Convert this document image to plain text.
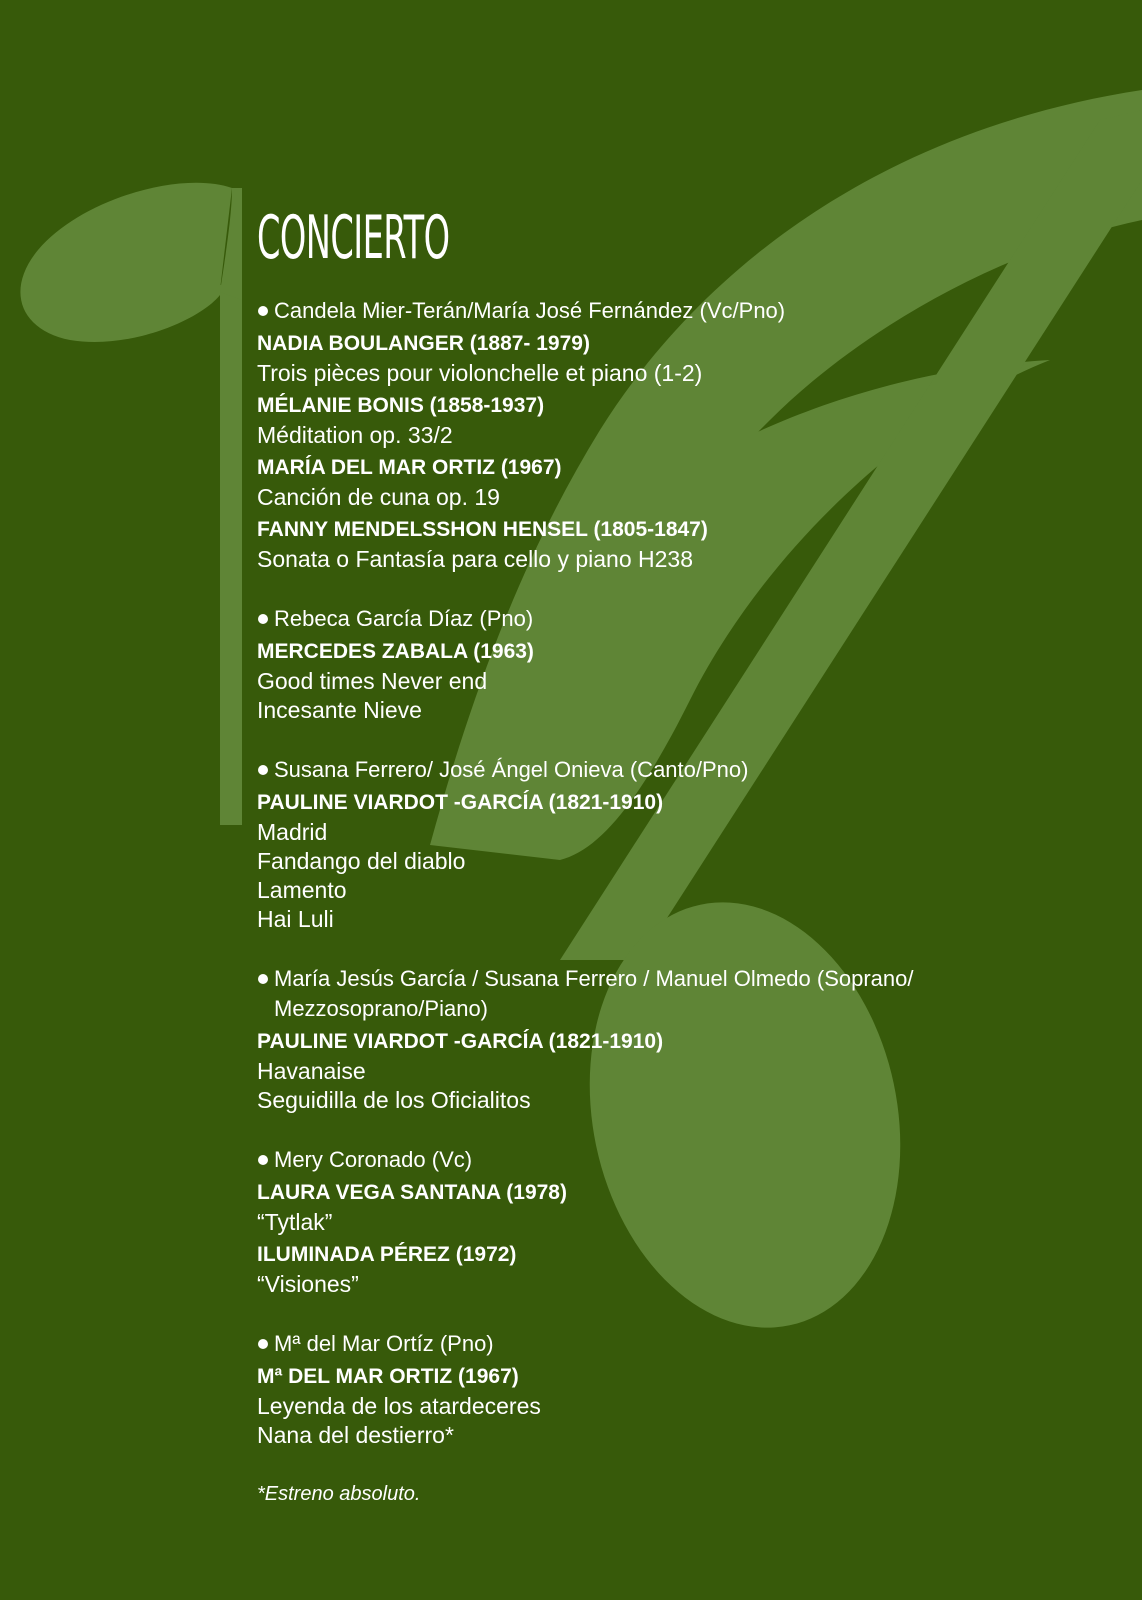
CONCIERTO
Candela Mier-Terán/María José Fernández (Vc/Pno)
NADIA BOULANGER (1887- 1979)
Trois pièces pour violonchelle et piano (1-2)
MÉLANIE BONIS (1858-1937)
Méditation op. 33/2
MARÍA DEL MAR ORTIZ (1967)
Canción de cuna op. 19
FANNY MENDELSSHON HENSEL (1805-1847)
Sonata o Fantasía para cello y piano H238
Rebeca García Díaz (Pno)
MERCEDES ZABALA (1963)
Good times Never end
Incesante Nieve
Susana Ferrero/ José Ángel Onieva (Canto/Pno)
PAULINE VIARDOT -GARCÍA (1821-1910)
Madrid
Fandango del diablo
Lamento
Hai Luli
María Jesús García / Susana Ferrero / Manuel Olmedo (Soprano/ Mezzosoprano/Piano)
PAULINE VIARDOT -GARCÍA (1821-1910)
Havanaise
Seguidilla de los Oficialitos
Mery Coronado (Vc)
LAURA VEGA SANTANA (1978)
“Tytlak”
ILUMINADA PÉREZ (1972)
“Visiones”
Mª del Mar Ortíz (Pno)
Mª DEL MAR ORTIZ (1967)
Leyenda de los atardeceres
Nana del destierro*
*Estreno absoluto.
